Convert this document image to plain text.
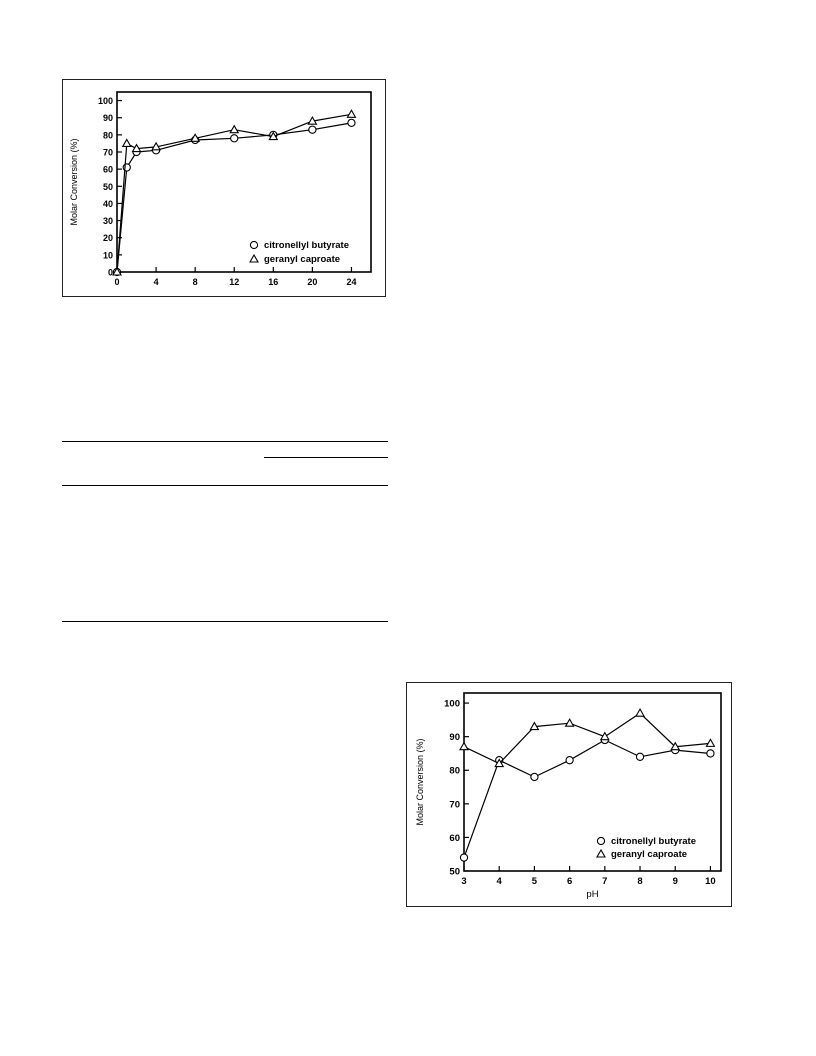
0
10
20
30
40
50
60
70
80
90
100
0	4	8	12	16	20	24
Molar Conversion (%)
citronellyl butyrate
geranyl caproate
50
60
70
80
90
100
3	4	5	6	7	8	9	10
Molar Conversion (%)
pH
citronellyl butyrate
geranyl caproate
